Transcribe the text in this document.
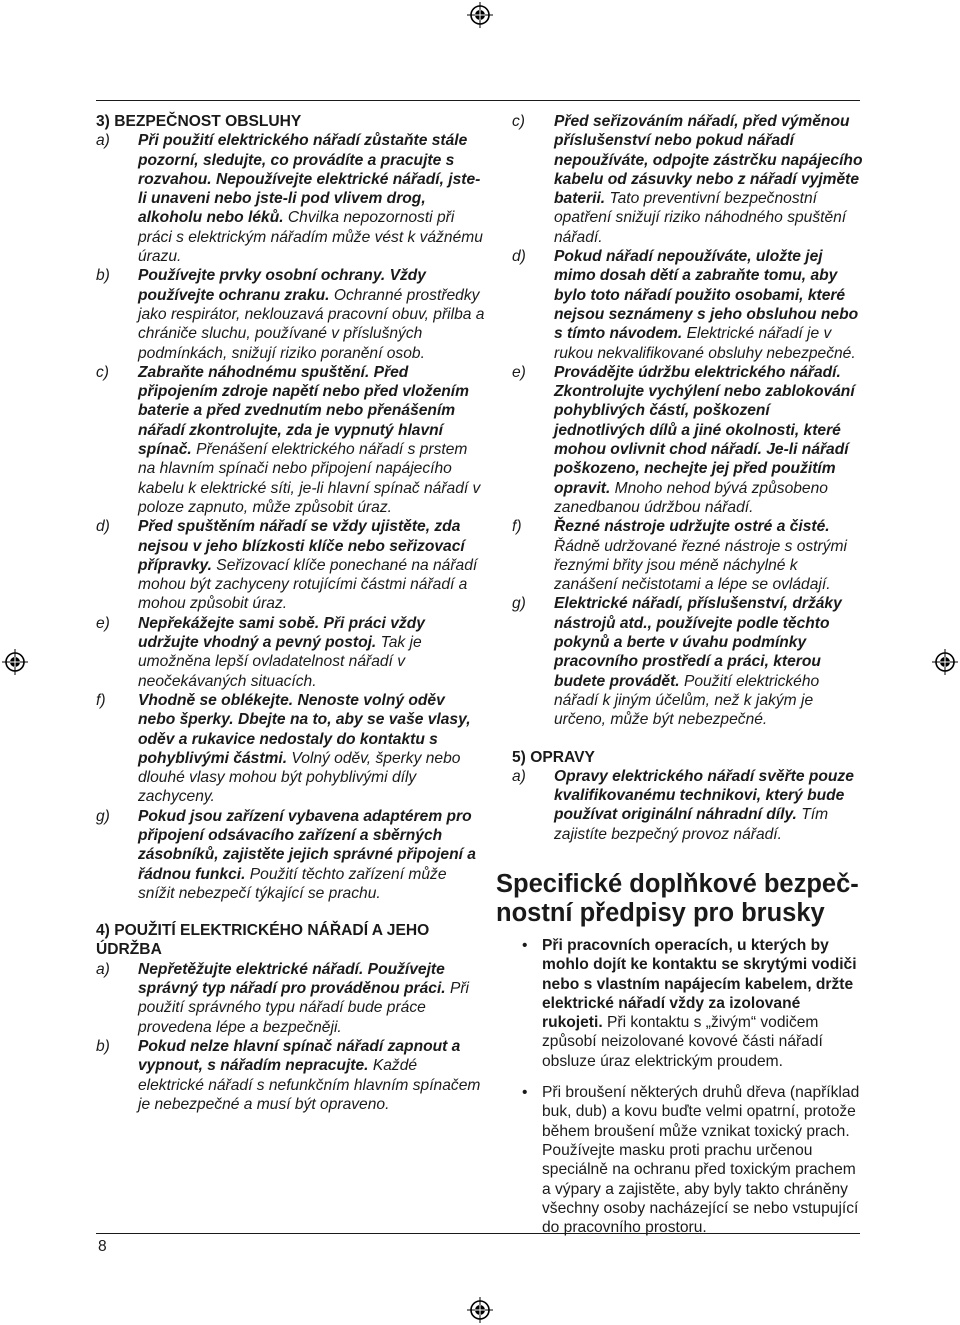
3) BEZPEČNOST OBSLUHY

a) Při použití elektrického nářadí zůstaňte stále pozorní, sledujte, co provádíte a pracujte s rozvahou. Nepoužívejte elektrické nářadí, jste-li unaveni nebo jste-li pod vlivem drog, alkoholu nebo léků. Chvilka nepozornosti při práci s elektrickým nářadím může vést k vážnému úrazu.
b) Používejte prvky osobní ochrany. Vždy používejte ochranu zraku. Ochranné prostředky jako respirátor, neklouzavá pracovní obuv, přilba a chrániče sluchu, používané v příslušných podmínkách, snižují riziko poranění osob.
c) Zabraňte náhodnému spuštění. Před připojením zdroje napětí nebo před vložením baterie a před zvednutím nebo přenášením nářadí zkontrolujte, zda je vypnutý hlavní spínač. Přenášení elektrického nářadí s prstem na hlavním spínači nebo připojení napájecího kabelu k elektrické síti, je-li hlavní spínač nářadí v poloze zapnuto, může způsobit úraz.
d) Před spuštěním nářadí se vždy ujistěte, zda nejsou v jeho blízkosti klíče nebo seřizovací přípravky. Seřizovací klíče ponechané na nářadí mohou být zachyceny rotujícími částmi nářadí a mohou způsobit úraz.
e) Nepřekážejte sami sobě. Při práci vždy udržujte vhodný a pevný postoj. Tak je umožněna lepší ovladatelnost nářadí v neočekávaných situacích.
f) Vhodně se oblékejte. Nenoste volný oděv nebo šperky. Dbejte na to, aby se vaše vlasy, oděv a rukavice nedostaly do kontaktu s pohyblivými částmi. Volný oděv, šperky nebo dlouhé vlasy mohou být pohyblivými díly zachyceny.
g) Pokud jsou zařízení vybavena adaptérem pro připojení odsávacího zařízení a sběrných zásobníků, zajistěte jejich správné připojení a řádnou funkci. Použití těchto zařízení může snížit nebezpečí týkající se prachu.

4) POUŽITÍ ELEKTRICKÉHO NÁŘADÍ A JEHO ÚDRŽBA

a) Nepřetěžujte elektrické nářadí. Používejte správný typ nářadí pro prováděnou práci. Při použití správného typu nářadí bude práce provedena lépe a bezpečněji.
b) Pokud nelze hlavní spínač nářadí zapnout a vypnout, s nářadím nepracujte. Každé elektrické nářadí s nefunkčním hlavním spínačem je nebezpečné a musí být opraveno.
c) Před seřizováním nářadí, před výměnou příslušenství nebo pokud nářadí nepoužíváte, odpojte zástrčku napájecího kabelu od zásuvky nebo z nářadí vyjměte baterii. Tato preventivní bezpečnostní opatření snižují riziko náhodného spuštění nářadí.
d) Pokud nářadí nepoužíváte, uložte jej mimo dosah dětí a zabraňte tomu, aby bylo toto nářadí použito osobami, které nejsou seznámeny s jeho obsluhou nebo s tímto návodem. Elektrické nářadí je v rukou nekvalifikované obsluhy nebezpečné.
e) Provádějte údržbu elektrického nářadí. Zkontrolujte vychýlení nebo zablokování pohyblivých částí, poškození jednotlivých dílů a jiné okolnosti, které mohou ovlivnit chod nářadí. Je-li nářadí poškozeno, nechejte jej před použitím opravit. Mnoho nehod bývá způsobeno zanedbanou údržbou nářadí.
f) Řezné nástroje udržujte ostré a čisté. Řádně udržované řezné nástroje s ostrými řeznými břity jsou méně náchylné k zanášení nečistotami a lépe se ovládají.
g) Elektrické nářadí, příslušenství, držáky nástrojů atd., používejte podle těchto pokynů a berte v úvahu podmínky pracovního prostředí a práci, kterou budete provádět. Použití elektrického nářadí k jiným účelům, než k jakým je určeno, může být nebezpečné.

5) OPRAVY

a) Opravy elektrického nářadí svěřte pouze kvalifikovanému technikovi, který bude používat originální náhradní díly. Tím zajistíte bezpečný provoz nářadí.
Specifické doplňkové bezpeč-nostní předpisy pro brusky
• Při pracovních operacích, u kterých by mohlo dojít ke kontaktu se skrytými vodiči nebo s vlastním napájecím kabelem, držte elektrické nářadí vždy za izolované rukojeti. Při kontaktu s „živým“ vodičem způsobí neizolované kovové části nářadí obsluze úraz elektrickým proudem.
• Při broušení některých druhů dřeva (například buk, dub) a kovu buďte velmi opatrní, protože během broušení může vznikat toxický prach. Používejte masku proti prachu určenou speciálně na ochranu před toxickým prachem a výpary a zajistěte, aby byly takto chráněny všechny osoby nacházející se nebo vstupující do pracovního prostoru.
8
